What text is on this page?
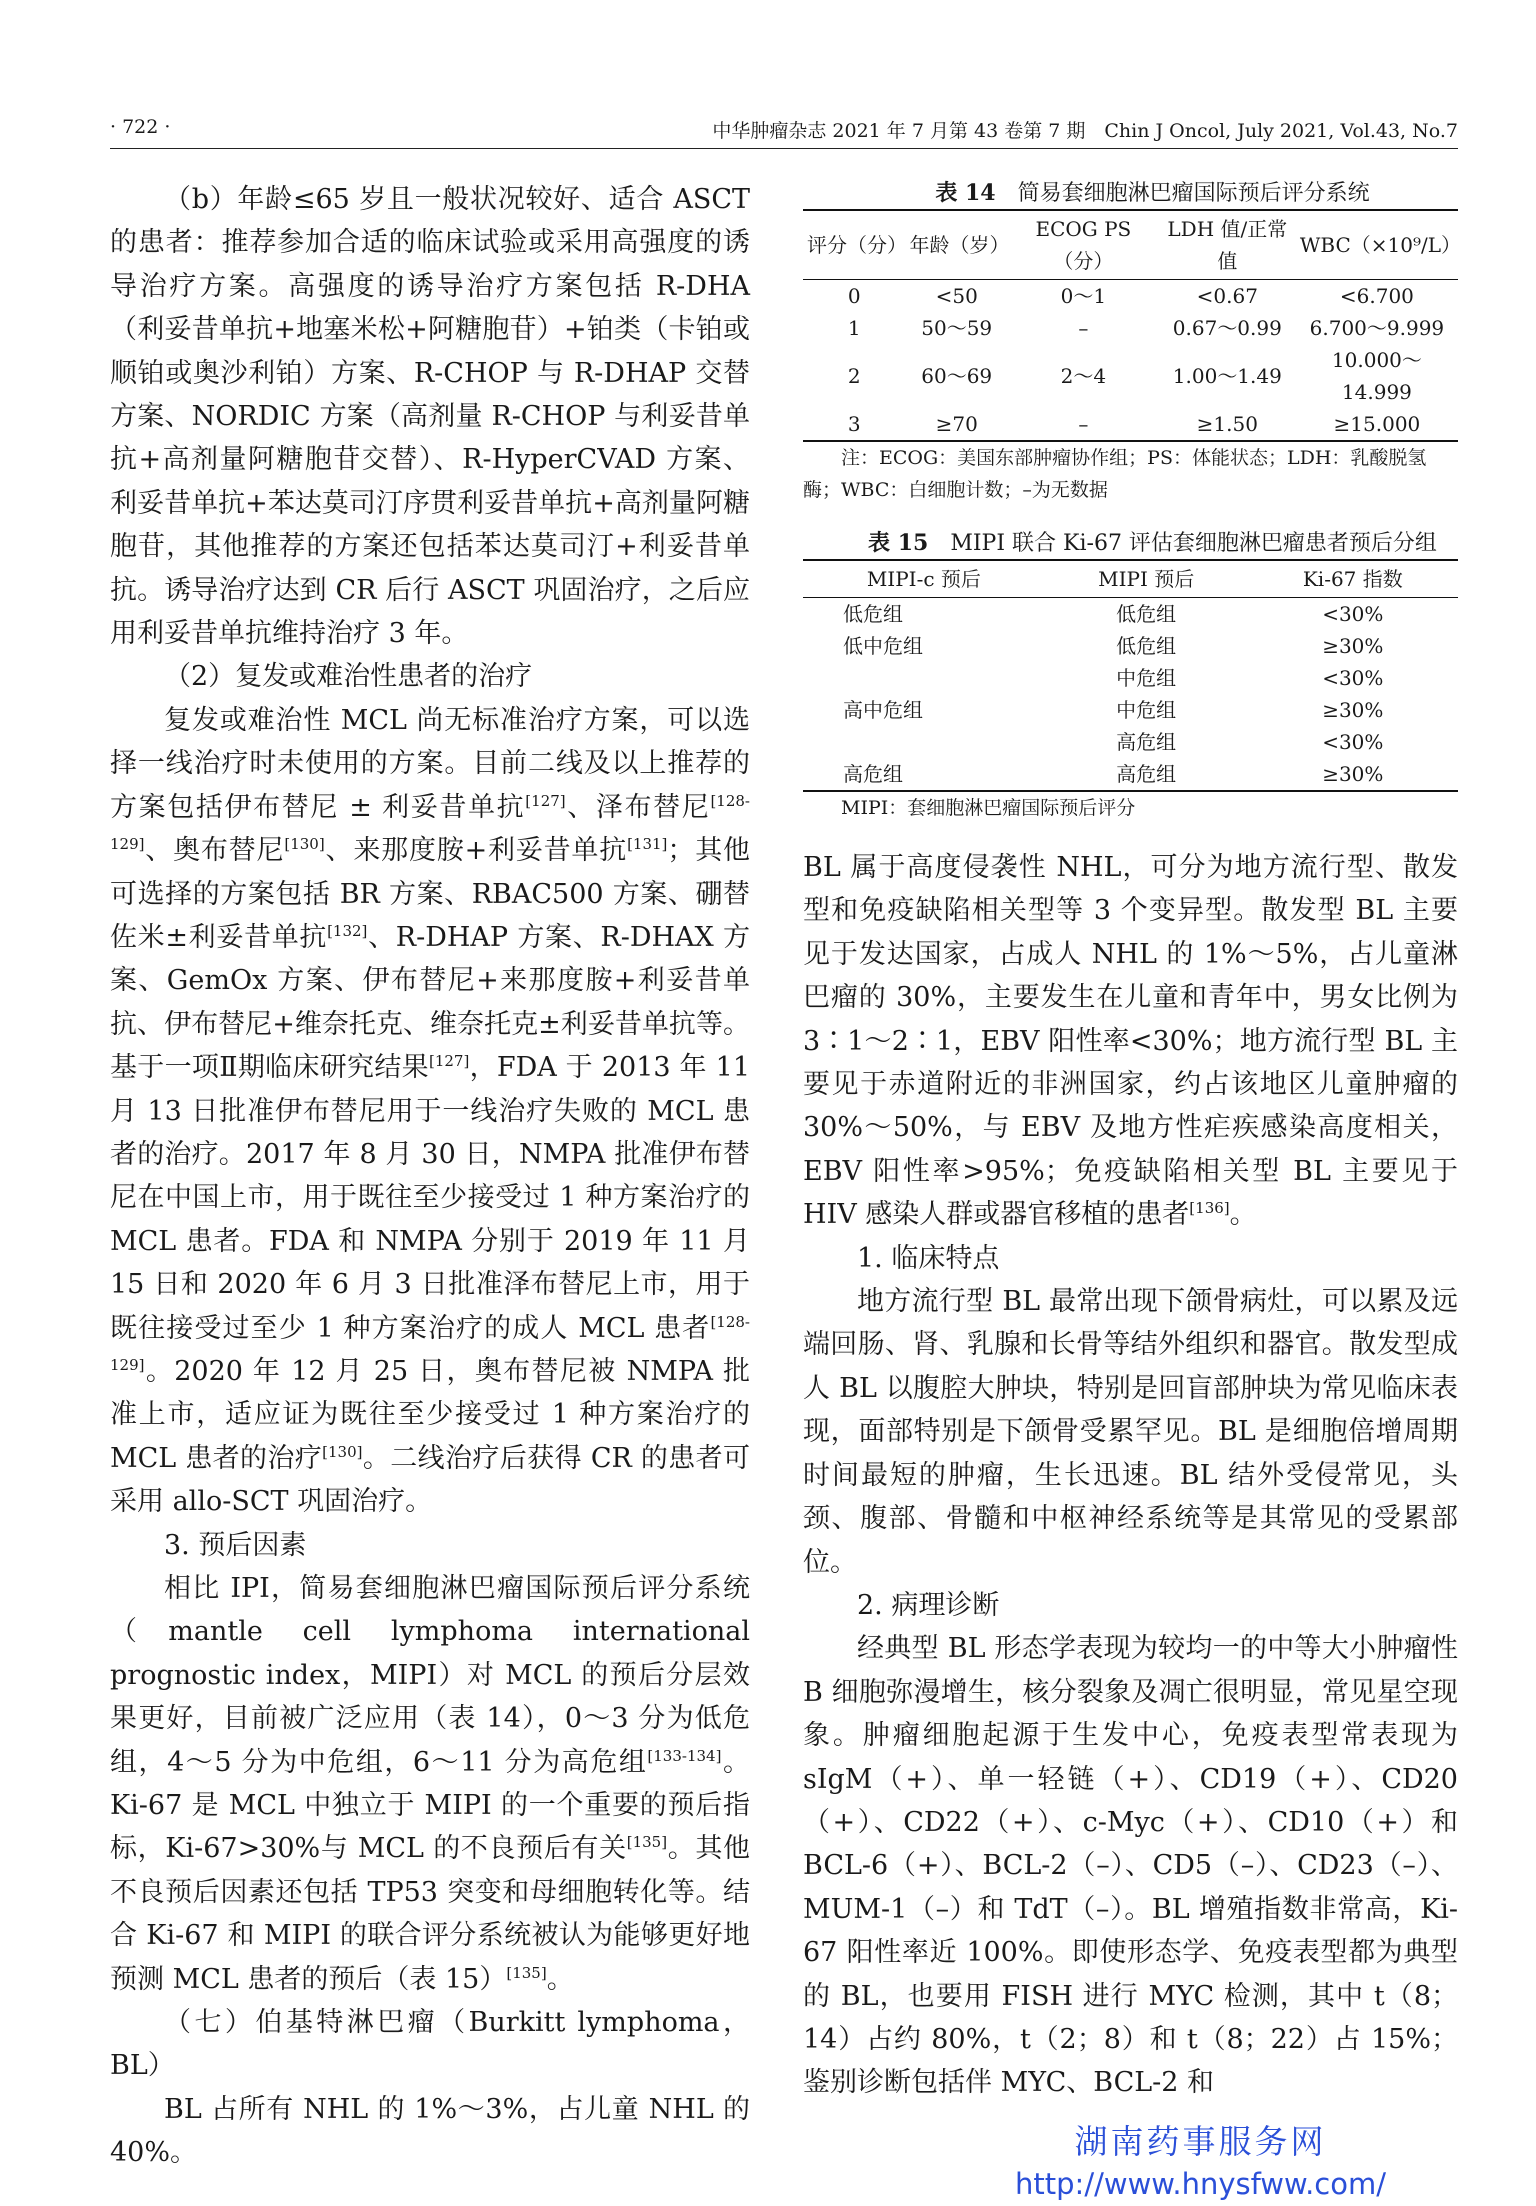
· 722 ·	中华肿瘤杂志 2021 年 7 月第 43 卷第 7 期　Chin J Oncol, July 2021, Vol.43, No.7

（b）年龄≤65 岁且一般状况较好、适合 ASCT 的患者：推荐参加合适的临床试验或采用高强度的诱导治疗方案。高强度的诱导治疗方案包括 R-DHA（利妥昔单抗+地塞米松+阿糖胞苷）+铂类（卡铂或顺铂或奥沙利铂）方案、R-CHOP 与 R-DHAP 交替方案、NORDIC 方案（高剂量 R-CHOP 与利妥昔单抗+高剂量阿糖胞苷交替）、R-HyperCVAD 方案、利妥昔单抗+苯达莫司汀序贯利妥昔单抗+高剂量阿糖胞苷，其他推荐的方案还包括苯达莫司汀+利妥昔单抗。诱导治疗达到 CR 后行 ASCT 巩固治疗，之后应用利妥昔单抗维持治疗 3 年。

（2）复发或难治性患者的治疗

复发或难治性 MCL 尚无标准治疗方案，可以选择一线治疗时未使用的方案。目前二线及以上推荐的方案包括伊布替尼 ± 利妥昔单抗[127]、泽布替尼[128-129]、奥布替尼[130]、来那度胺+利妥昔单抗[131]；其他可选择的方案包括 BR 方案、RBAC500 方案、硼替佐米±利妥昔单抗[132]、R-DHAP 方案、R-DHAX 方案、GemOx 方案、伊布替尼+来那度胺+利妥昔单抗、伊布替尼+维奈托克、维奈托克±利妥昔单抗等。基于一项Ⅱ期临床研究结果[127]，FDA 于 2013 年 11 月 13 日批准伊布替尼用于一线治疗失败的 MCL 患者的治疗。2017 年 8 月 30 日，NMPA 批准伊布替尼在中国上市，用于既往至少接受过 1 种方案治疗的 MCL 患者。FDA 和 NMPA 分别于 2019 年 11 月 15 日和 2020 年 6 月 3 日批准泽布替尼上市，用于既往接受过至少 1 种方案治疗的成人 MCL 患者[128-129]。2020 年 12 月 25 日，奥布替尼被 NMPA 批准上市，适应证为既往至少接受过 1 种方案治疗的 MCL 患者的治疗[130]。二线治疗后获得 CR 的患者可采用 allo-SCT 巩固治疗。

3. 预后因素

相比 IPI，简易套细胞淋巴瘤国际预后评分系统（mantle cell lymphoma international prognostic index，MIPI）对 MCL 的预后分层效果更好，目前被广泛应用（表 14），0～3 分为低危组，4～5 分为中危组，6～11 分为高危组[133-134]。Ki-67 是 MCL 中独立于 MIPI 的一个重要的预后指标，Ki-67>30%与 MCL 的不良预后有关[135]。其他不良预后因素还包括 TP53 突变和母细胞转化等。结合 Ki-67 和 MIPI 的联合评分系统被认为能够更好地预测 MCL 患者的预后（表 15）[135]。

（七）伯基特淋巴瘤（Burkitt lymphoma，BL）

BL 占所有 NHL 的 1%～3%，占儿童 NHL 的 40%。

表 14　 简易套细胞淋巴瘤国际预后评分系统

评分（分）	年龄（岁）	ECOG PS（分）	LDH 值/正常值	WBC（×10⁹/L）
0	<50	0～1	<0.67	<6.700
1	50～59	–	0.67～0.99	6.700～9.999
2	60～69	2～4	1.00～1.49	10.000～14.999
3	≥70	–	≥1.50	≥15.000

注：ECOG：美国东部肿瘤协作组；PS：体能状态；LDH：乳酸脱氢酶；WBC：白细胞计数；–为无数据

表 15　 MIPI 联合 Ki-67 评估套细胞淋巴瘤患者预后分组

MIPI-c 预后	MIPI 预后	Ki-67 指数
低危组	低危组	<30%
低中危组	低危组	≥30%
	中危组	<30%
高中危组	中危组	≥30%
	高危组	<30%
高危组	高危组	≥30%

MIPI：套细胞淋巴瘤国际预后评分

BL 属于高度侵袭性 NHL，可分为地方流行型、散发型和免疫缺陷相关型等 3 个变异型。散发型 BL 主要见于发达国家，占成人 NHL 的 1%～5%，占儿童淋巴瘤的 30%，主要发生在儿童和青年中，男女比例为 3∶1～2∶1，EBV 阳性率<30%；地方流行型 BL 主要见于赤道附近的非洲国家，约占该地区儿童肿瘤的 30%～50%，与 EBV 及地方性疟疾感染高度相关，EBV 阳性率>95%；免疫缺陷相关型 BL 主要见于 HIV 感染人群或器官移植的患者[136]。

1. 临床特点

地方流行型 BL 最常出现下颌骨病灶，可以累及远端回肠、肾、乳腺和长骨等结外组织和器官。散发型成人 BL 以腹腔大肿块，特别是回盲部肿块为常见临床表现，面部特别是下颌骨受累罕见。BL 是细胞倍增周期时间最短的肿瘤，生长迅速。BL 结外受侵常见，头颈、腹部、骨髓和中枢神经系统等是其常见的受累部位。

2. 病理诊断

经典型 BL 形态学表现为较均一的中等大小肿瘤性 B 细胞弥漫增生，核分裂象及凋亡很明显，常见星空现象。肿瘤细胞起源于生发中心，免疫表型常表现为 sIgM（+）、单一轻链（+）、CD19（+）、CD20（+）、CD22（+）、c-Myc（+）、CD10（+）和 BCL-6（+）、BCL-2（–）、CD5（–）、CD23（–）、MUM-1（–）和 TdT（–）。BL 增殖指数非常高，Ki-67 阳性率近 100%。即使形态学、免疫表型都为典型的 BL，也要用 FISH 进行 MYC 检测，其中 t（8；14）占约 80%，t（2；8）和 t（8；22）占 15%；鉴别诊断包括伴 MYC、BCL-2 和

湖南药事服务网
http://www.hnysfww.com/
